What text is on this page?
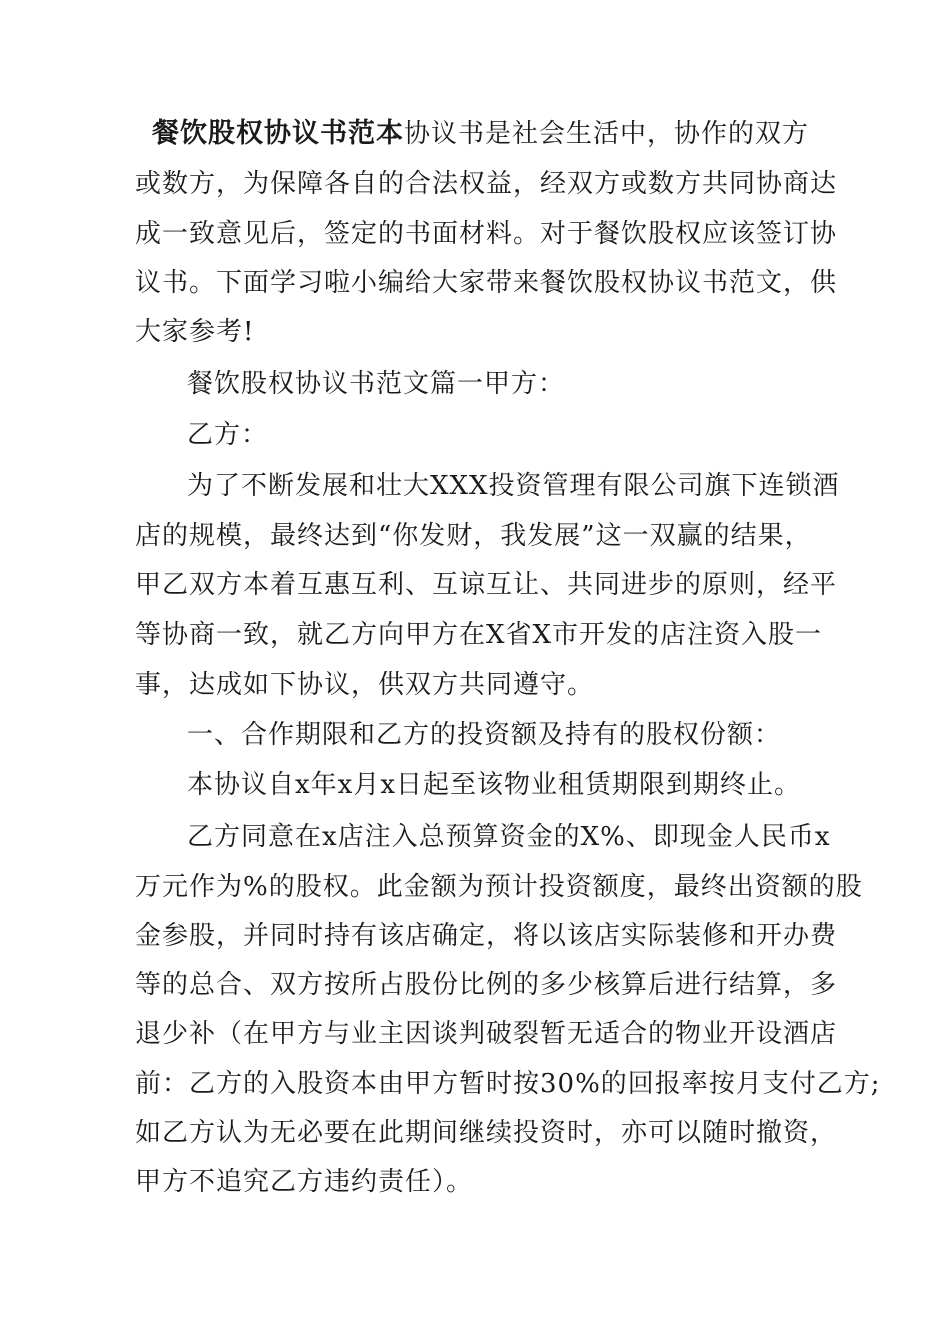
餐饮股权协议书范本协议书是社会生活中，协作的双方
或数方，为保障各自的合法权益，经双方或数方共同协商达
成一致意见后，签定的书面材料。对于餐饮股权应该签订协
议书。下面学习啦小编给大家带来餐饮股权协议书范文，供
大家参考!
餐饮股权协议书范文篇一甲方：
乙方：
为了不断发展和壮大XXX投资管理有限公司旗下连锁酒
店的规模，最终达到“你发财，我发展”这一双赢的结果，
甲乙双方本着互惠互利、互谅互让、共同进步的原则，经平
等协商一致，就乙方向甲方在X省X市开发的店注资入股一
事，达成如下协议，供双方共同遵守。
一、合作期限和乙方的投资额及持有的股权份额：
本协议自x年x月x日起至该物业租赁期限到期终止。
乙方同意在x店注入总预算资金的X%、即现金人民币x
万元作为%的股权。此金额为预计投资额度，最终出资额的股
金参股，并同时持有该店确定，将以该店实际装修和开办费
等的总合、双方按所占股份比例的多少核算后进行结算，多
退少补（在甲方与业主因谈判破裂暂无适合的物业开设酒店
前：乙方的入股资本由甲方暂时按30%的回报率按月支付乙方;
如乙方认为无必要在此期间继续投资时，亦可以随时撤资，
甲方不追究乙方违约责任）。
